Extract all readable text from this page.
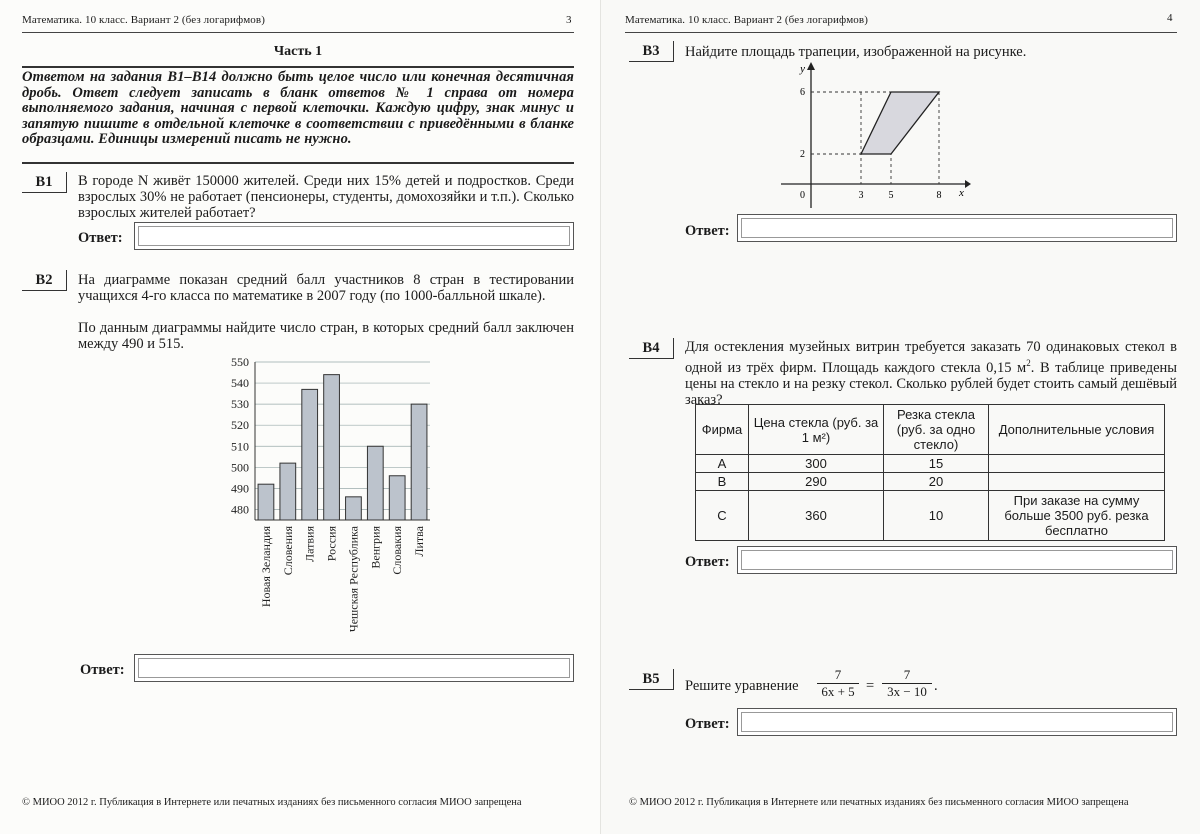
Математика. 10 класс. Вариант 2 (без логарифмов)	3
Часть 1
Ответом на задания В1–В14 должно быть целое число или конечная десятичная дробь. Ответ следует записать в бланк ответов № 1 справа от номера выполняемого задания, начиная с первой клеточки. Каждую цифру, знак минус и запятую пишите в отдельной клеточке в соответствии с приведёнными в бланке образцами. Единицы измерений писать не нужно.
B1	В городе N живёт 150000 жителей. Среди них 15% детей и подростков. Среди взрослых 30% не работает (пенсионеры, студенты, домохозяйки и т.п.). Сколько взрослых жителей работает?
Ответ:
B2	На диаграмме показан средний балл участников 8 стран в тестировании учащихся 4-го класса по математике в 2007 году (по 1000-балльной шкале).
По данным диаграммы найдите число стран, в которых средний балл заключен между 490 и 515.
480
490
500
510
520
530
540
550
Новая Зеландия Словения Латвия Россия Чешская Республика Венгрия Словакия Литва
Ответ:
© МИОО 2012 г. Публикация в Интернете или печатных изданиях без письменного согласия МИОО запрещена
Математика. 10 класс. Вариант 2 (без логарифмов)	4
B3	Найдите площадь трапеции, изображенной на рисунке.
y
x
0	3	5	8
6
2
Ответ:
B4	Для остекления музейных витрин требуется заказать 70 одинаковых стекол в одной из трёх фирм. Площадь каждого стекла 0,15 $м^2$. В таблице приведены цены на стекло и на резку стекол. Сколько рублей будет стоить самый дешёвый заказ?
Фирма	Цена стекла (руб. за 1 м²)	Резка стекла (руб. за одно стекло)	Дополнительные условия
A	300	15	
B	290	20	
C	360	10	При заказе на сумму больше 3500 руб. резка бесплатно
Ответ:
B5	Решите уравнение $\frac{7}{6x + 5} = \frac{7}{3x - 10}$ .
Ответ:
© МИОО 2012 г. Публикация в Интернете или печатных изданиях без письменного согласия МИОО запрещена
